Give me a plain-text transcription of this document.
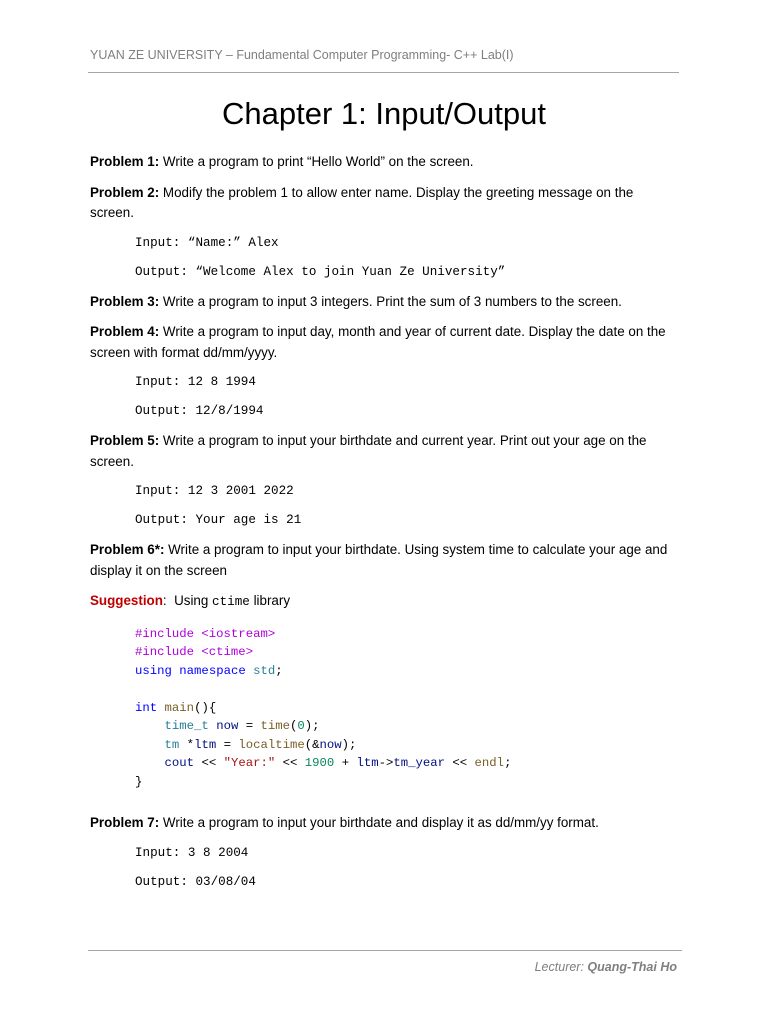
YUAN ZE UNIVERSITY – Fundamental Computer Programming- C++ Lab(I)
Chapter 1: Input/Output

Problem 1: Write a program to print “Hello World” on the screen.

Problem 2: Modify the problem 1 to allow enter name. Display the greeting message on the screen.

Input: “Name:” Alex
Output: “Welcome Alex to join Yuan Ze University”

Problem 3: Write a program to input 3 integers. Print the sum of 3 numbers to the screen.

Problem 4: Write a program to input day, month and year of current date. Display the date on the screen with format dd/mm/yyyy.

Input: 12 8 1994
Output: 12/8/1994

Problem 5: Write a program to input your birthdate and current year. Print out your age on the screen.

Input: 12 3 2001 2022
Output: Your age is 21

Problem 6*: Write a program to input your birthdate. Using system time to calculate your age and display it on the screen

Suggestion:  Using ctime library

#include <iostream>
#include <ctime>
using namespace std;
int main(){
time_t now = time(0);
tm *ltm = localtime(&now);
cout << "Year:" << 1900 + ltm->tm_year << endl;
}

Problem 7: Write a program to input your birthdate and display it as dd/mm/yy format.

Input: 3 8 2004
Output: 03/08/04
Lecturer: Quang-Thai Ho
